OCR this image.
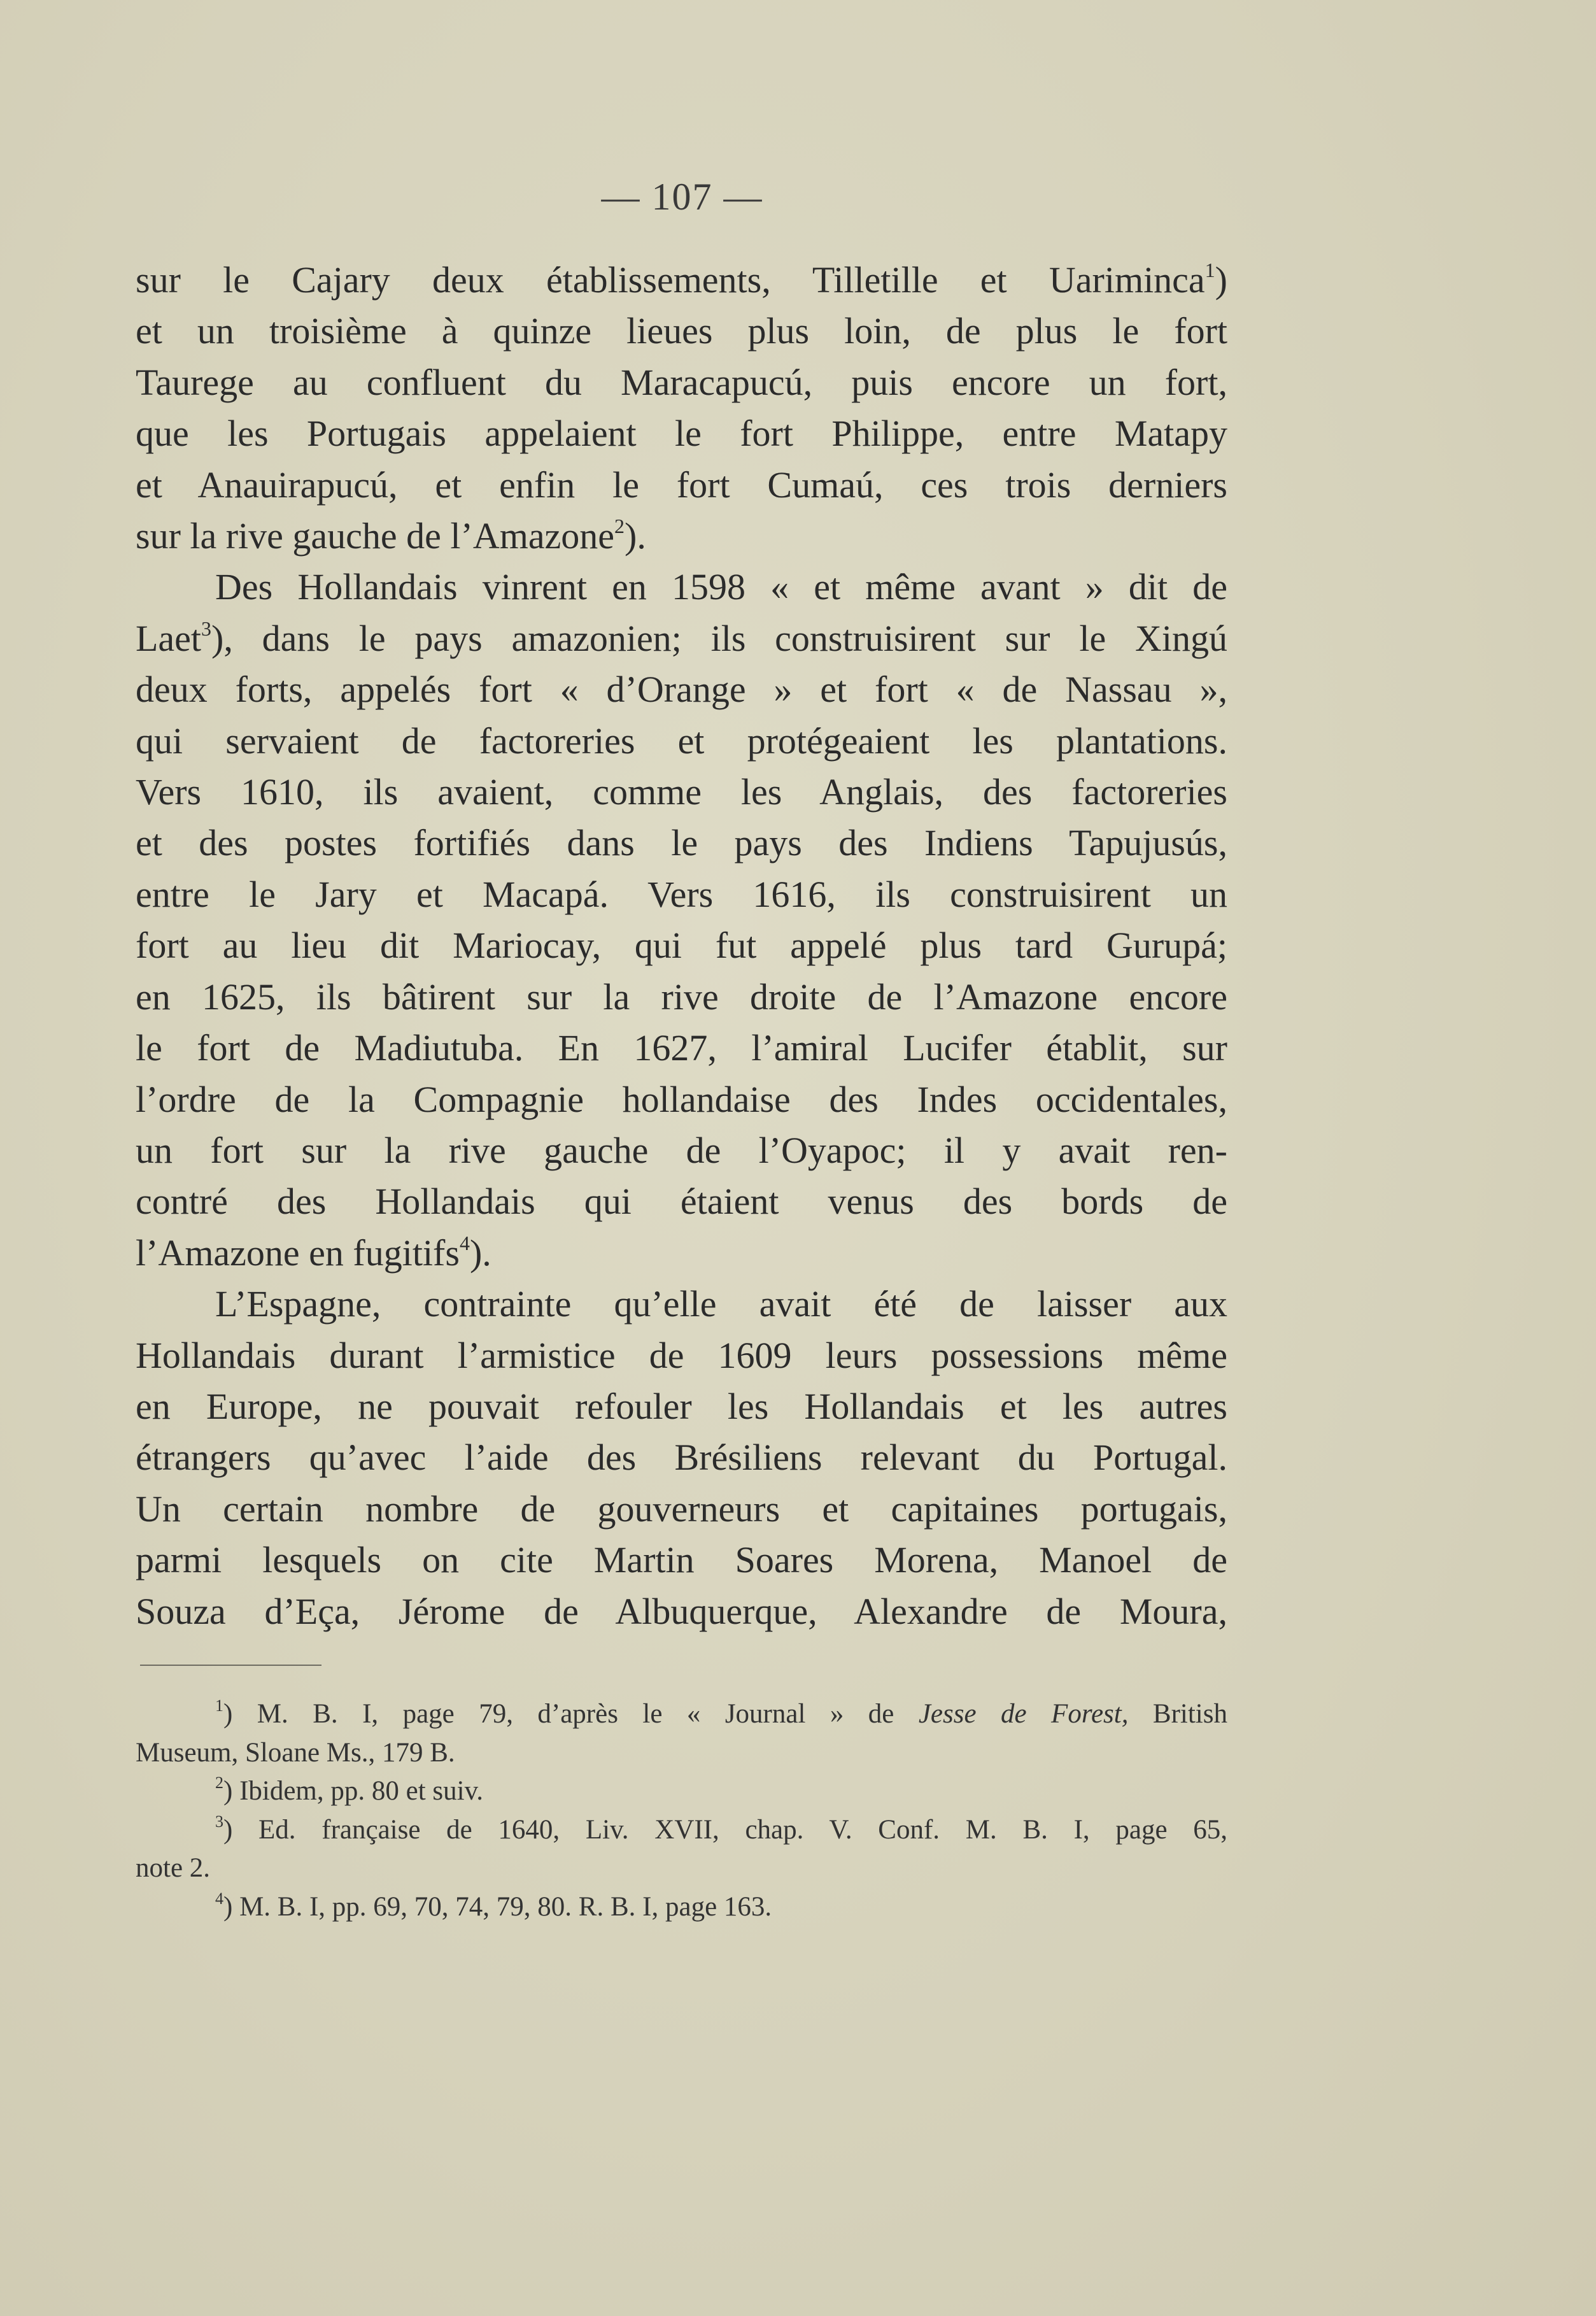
— 107 —
sur le Cajary deux établissements, Tilletille et Uariminca$^1$)
et un troisième à quinze lieues plus loin, de plus le fort
Taurege au confluent du Maracapucú, puis encore un fort,
que les Portugais appelaient le fort Philippe, entre Matapy
et Anauirapucú, et enfin le fort Cumaú, ces trois derniers
sur la rive gauche de l’Amazone$^2$).
Des Hollandais vinrent en 1598 « et même avant » dit de
Laet$^3$), dans le pays amazonien; ils construisirent sur le Xingú
deux forts, appelés fort « d’Orange » et fort « de Nassau »,
qui servaient de factoreries et protégeaient les plantations.
Vers 1610, ils avaient, comme les Anglais, des factoreries
et des postes fortifiés dans le pays des Indiens Tapujusús,
entre le Jary et Macapá. Vers 1616, ils construisirent un
fort au lieu dit Mariocay, qui fut appelé plus tard Gurupá;
en 1625, ils bâtirent sur la rive droite de l’Amazone encore
le fort de Madiutuba. En 1627, l’amiral Lucifer établit, sur
l’ordre de la Compagnie hollandaise des Indes occidentales,
un fort sur la rive gauche de l’Oyapoc; il y avait ren-
contré des Hollandais qui étaient venus des bords de
l’Amazone en fugitifs$^4$).
L’Espagne, contrainte qu’elle avait été de laisser aux
Hollandais durant l’armistice de 1609 leurs possessions même
en Europe, ne pouvait refouler les Hollandais et les autres
étrangers qu’avec l’aide des Brésiliens relevant du Portugal.
Un certain nombre de gouverneurs et capitaines portugais,
parmi lesquels on cite Martin Soares Morena, Manoel de
Souza d’Eça, Jérome de Albuquerque, Alexandre de Moura,
$^1$) M. B. I, page 79, d’après le « Journal » de Jesse de Forest, British
Museum, Sloane Ms., 179 B.
$^2$) Ibidem, pp. 80 et suiv.
$^3$) Ed. française de 1640, Liv. XVII, chap. V. Conf. M. B. I, page 65,
note 2.
$^4$) M. B. I, pp. 69, 70, 74, 79, 80. R. B. I, page 163.
